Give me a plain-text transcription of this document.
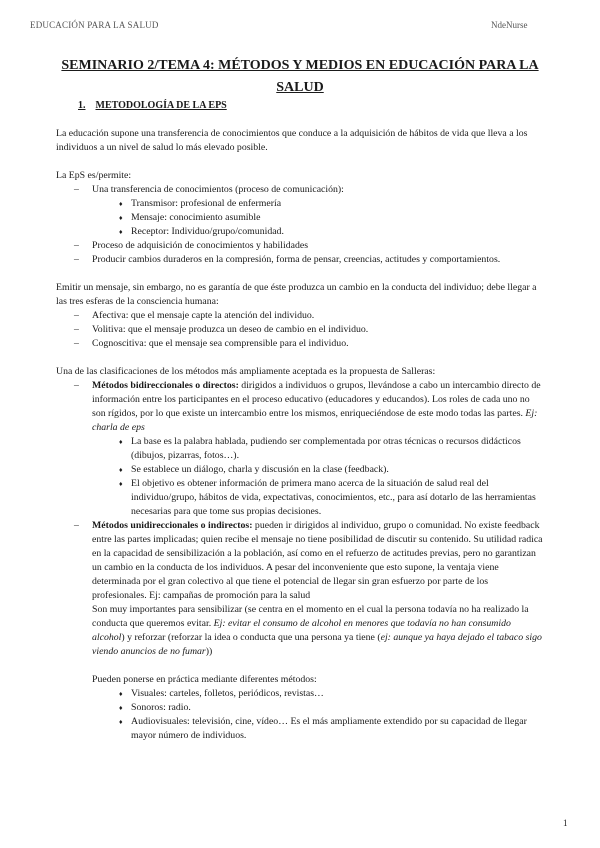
EDUCACIÓN PARA LA SALUD	NdeNurse
SEMINARIO 2/TEMA 4: MÉTODOS Y MEDIOS EN EDUCACIÓN PARA LA SALUD

1. METODOLOGÍA DE LA EPS

La educación supone una transferencia de conocimientos que conduce a la adquisición de hábitos de vida que lleva a los individuos a un nivel de salud lo más elevado posible.

La EpS es/permite:

– Una transferencia de conocimientos (proceso de comunicación):
♦ Transmisor: profesional de enfermería
♦ Mensaje: conocimiento asumible
♦ Receptor: Individuo/grupo/comunidad.
– Proceso de adquisición de conocimientos y habilidades
– Producir cambios duraderos en la compresión, forma de pensar, creencias, actitudes y comportamientos.

Emitir un mensaje, sin embargo, no es garantía de que éste produzca un cambio en la conducta del individuo; debe llegar a las tres esferas de la consciencia humana:

– Afectiva: que el mensaje capte la atención del individuo.
– Volitiva: que el mensaje produzca un deseo de cambio en el individuo.
– Cognoscitiva: que el mensaje sea comprensible para el individuo.

Una de las clasificaciones de los métodos más ampliamente aceptada es la propuesta de Salleras:

– Métodos bidireccionales o directos: dirigidos a individuos o grupos, llevándose a cabo un intercambio directo de información entre los participantes en el proceso educativo (educadores y educandos). Los roles de cada uno no son rígidos, por lo que existe un intercambio entre los mismos, enriqueciéndose de este modo todas las partes. Ej: charla de eps
♦ La base es la palabra hablada, pudiendo ser complementada por otras técnicas o recursos didácticos (dibujos, pizarras, fotos…).
♦ Se establece un diálogo, charla y discusión en la clase (feedback).
♦ El objetivo es obtener información de primera mano acerca de la situación de salud real del individuo/grupo, hábitos de vida, expectativas, conocimientos, etc., para así dotarlo de las herramientas necesarias para que tome sus propias decisiones.
– Métodos unidireccionales o indirectos: pueden ir dirigidos al individuo, grupo o comunidad. No existe feedback entre las partes implicadas; quien recibe el mensaje no tiene posibilidad de discutir su contenido. Su utilidad radica en la capacidad de sensibilización a la población, así como en el refuerzo de actitudes previas, pero no garantizan un cambio en la conducta de los individuos. A pesar del inconveniente que esto supone, la ventaja viene determinada por el gran colectivo al que tiene el potencial de llegar sin gran esfuerzo por parte de los profesionales. Ej: campañas de promoción para la salud

Son muy importantes para sensibilizar (se centra en el momento en el cual la persona todavía no ha realizado la conducta que queremos evitar. Ej: evitar el consumo de alcohol en menores que todavía no han consumido alcohol) y reforzar (reforzar la idea o conducta que una persona ya tiene (ej: aunque ya haya dejado el tabaco sigo viendo anuncios de no fumar))

Pueden ponerse en práctica mediante diferentes métodos:

♦ Visuales: carteles, folletos, periódicos, revistas…
♦ Sonoros: radio.
♦ Audiovisuales: televisión, cine, vídeo… Es el más ampliamente extendido por su capacidad de llegar mayor número de individuos.
1
